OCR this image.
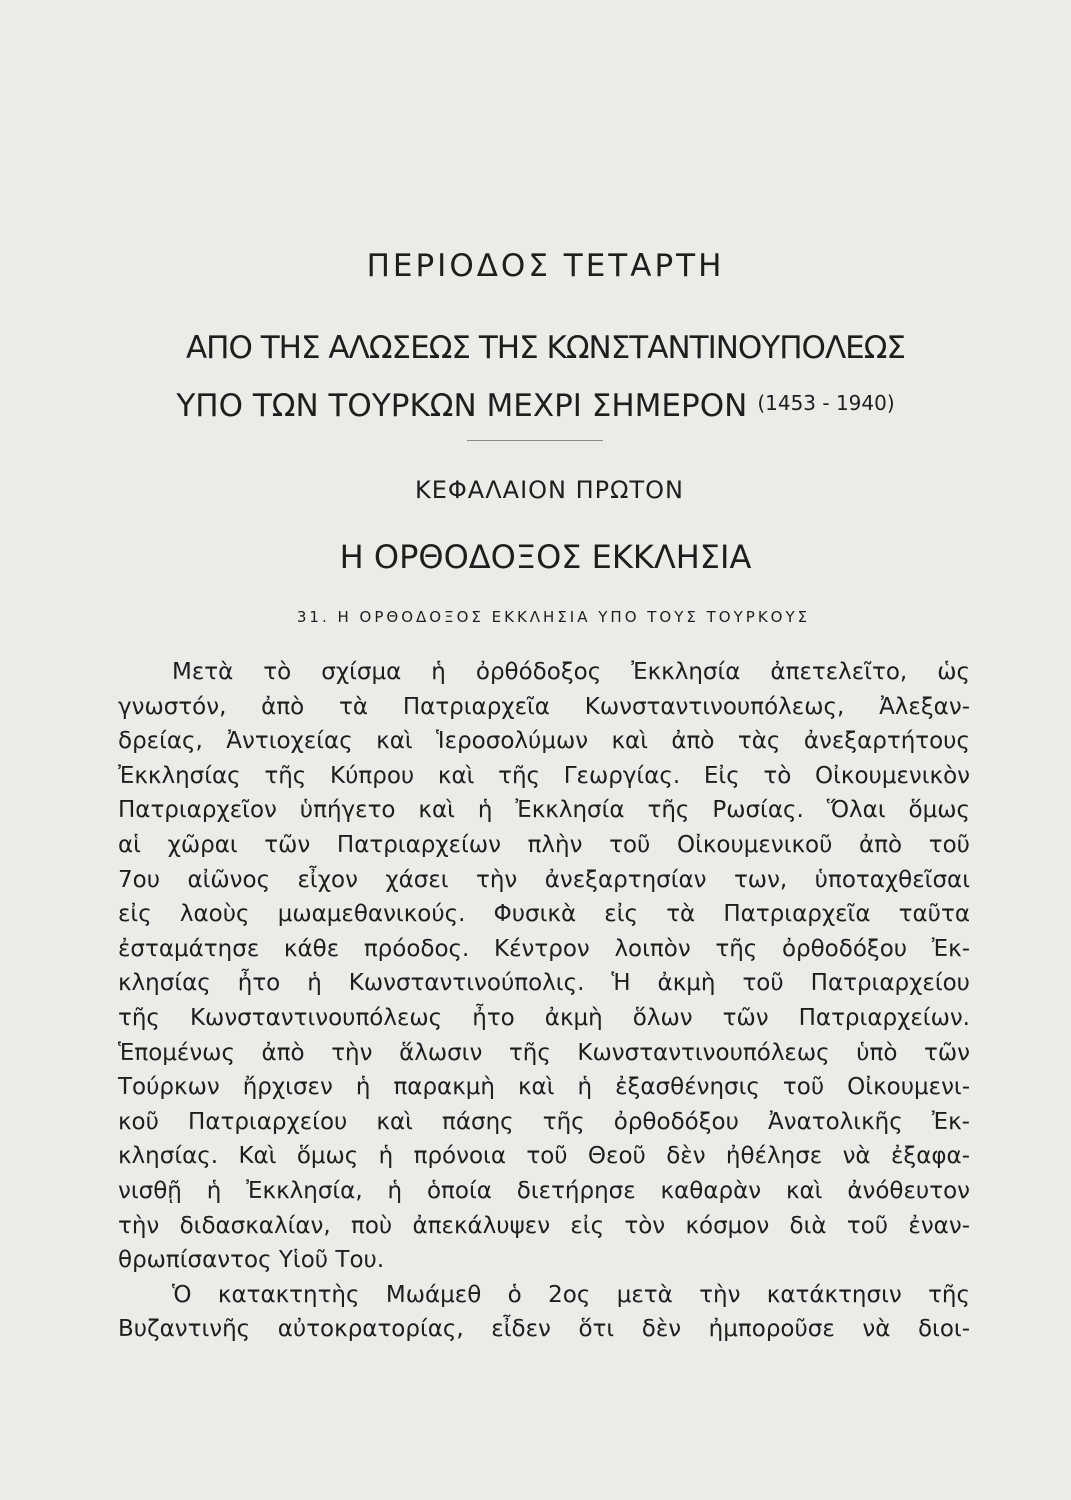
ΠΕΡΙΟΔΟΣ ΤΕΤΑΡΤΗ
ΑΠΟ ΤΗΣ ΑΛΩΣΕΩΣ ΤΗΣ ΚΩΝΣΤΑΝΤΙΝΟΥΠΟΛΕΩΣ
ΥΠΟ ΤΩΝ ΤΟΥΡΚΩΝ ΜΕΧΡΙ ΣΗΜΕΡΟΝ (1453 - 1940)
ΚΕΦΑΛΑΙΟΝ ΠΡΩΤΟΝ
Η ΟΡΘΟΔΟΞΟΣ ΕΚΚΛΗΣΙΑ
31. Η ΟΡΘΟΔΟΞΟΣ ΕΚΚΛΗΣΙΑ ΥΠΟ ΤΟΥΣ ΤΟΥΡΚΟΥΣ
Μετὰ τὸ σχίσμα ἡ ὀρθόδοξος Ἐκκλησία ἀπετελεῖτο, ὡς
γνωστόν, ἀπὸ τὰ Πατριαρχεῖα Κωνσταντινουπόλεως, Ἀλεξαν-
δρείας, Ἀντιοχείας καὶ Ἱεροσολύμων καὶ ἀπὸ τὰς ἀνεξαρτήτους
Ἐκκλησίας τῆς Κύπρου καὶ τῆς Γεωργίας. Εἰς τὸ Οἰκουμενικὸν
Πατριαρχεῖον ὑπήγετο καὶ ἡ Ἐκκλησία τῆς Ρωσίας. Ὅλαι ὅμως
αἱ χῶραι τῶν Πατριαρχείων πλὴν τοῦ Οἰκουμενικοῦ ἀπὸ τοῦ
7ου αἰῶνος εἶχον χάσει τὴν ἀνεξαρτησίαν των, ὑποταχθεῖσαι
εἰς λαοὺς μωαμεθανικούς. Φυσικὰ εἰς τὰ Πατριαρχεῖα ταῦτα
ἐσταμάτησε κάθε πρόοδος. Κέντρον λοιπὸν τῆς ὀρθοδόξου Ἐκ-
κλησίας ἦτο ἡ Κωνσταντινούπολις. Ἡ ἀκμὴ τοῦ Πατριαρχείου
τῆς Κωνσταντινουπόλεως ἦτο ἀκμὴ ὅλων τῶν Πατριαρχείων.
Ἑπομένως ἀπὸ τὴν ἅλωσιν τῆς Κωνσταντινουπόλεως ὑπὸ τῶν
Τούρκων ἤρχισεν ἡ παρακμὴ καὶ ἡ ἐξασθένησις τοῦ Οἰκουμενι-
κοῦ Πατριαρχείου καὶ πάσης τῆς ὀρθοδόξου Ἀνατολικῆς Ἐκ-
κλησίας. Καὶ ὅμως ἡ πρόνοια τοῦ Θεοῦ δὲν ἠθέλησε νὰ ἐξαφα-
νισθῇ ἡ Ἐκκλησία, ἡ ὁποία διετήρησε καθαρὰν καὶ ἀνόθευτον
τὴν διδασκαλίαν, ποὺ ἀπεκάλυψεν εἰς τὸν κόσμον διὰ τοῦ ἐναν-
θρωπίσαντος Υἱοῦ Του.
Ὁ κατακτητὴς Μωάμεθ ὁ 2ος μετὰ τὴν κατάκτησιν τῆς
Βυζαντινῆς αὐτοκρατορίας, εἶδεν ὅτι δὲν ἠμποροῦσε νὰ διοι-
